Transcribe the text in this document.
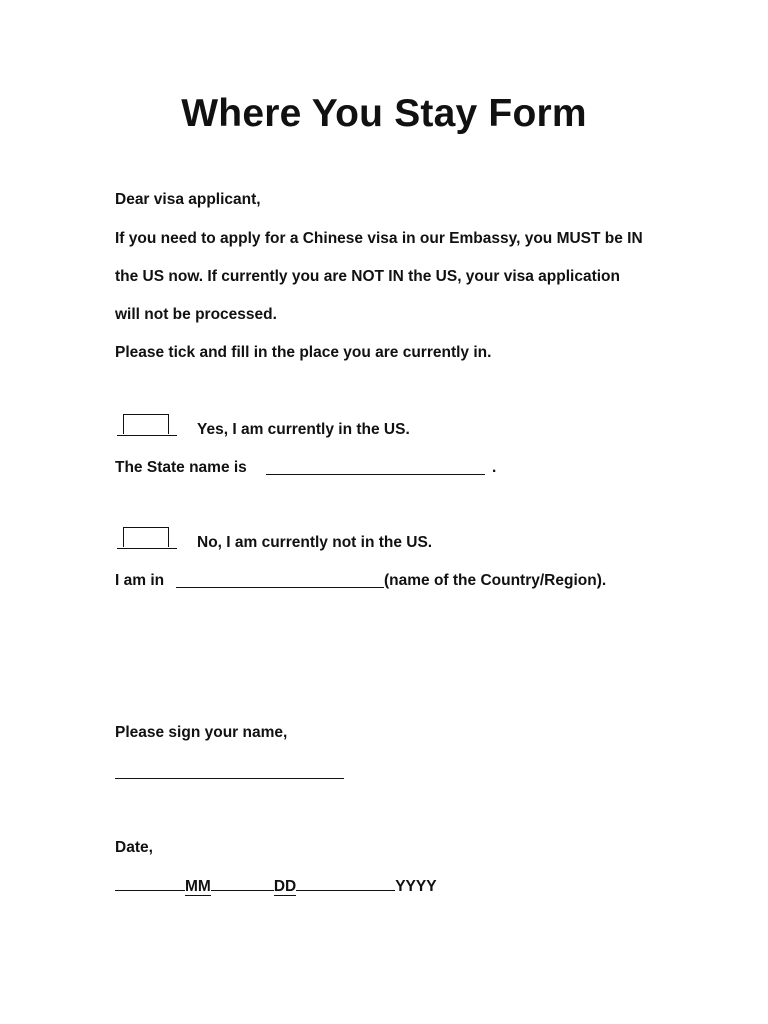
Where You Stay Form
Dear visa applicant,
If you need to apply for a Chinese visa in our Embassy, you MUST be IN
the US now. If currently you are NOT IN the US, your visa application
will not be processed.
Please tick and fill in the place you are currently in.
Yes, I am currently in the US.
The State name is	.
No, I am currently not in the US.
I am in	(name of the Country/Region).
Please sign your name,
Date,
MM	DD	YYYY
